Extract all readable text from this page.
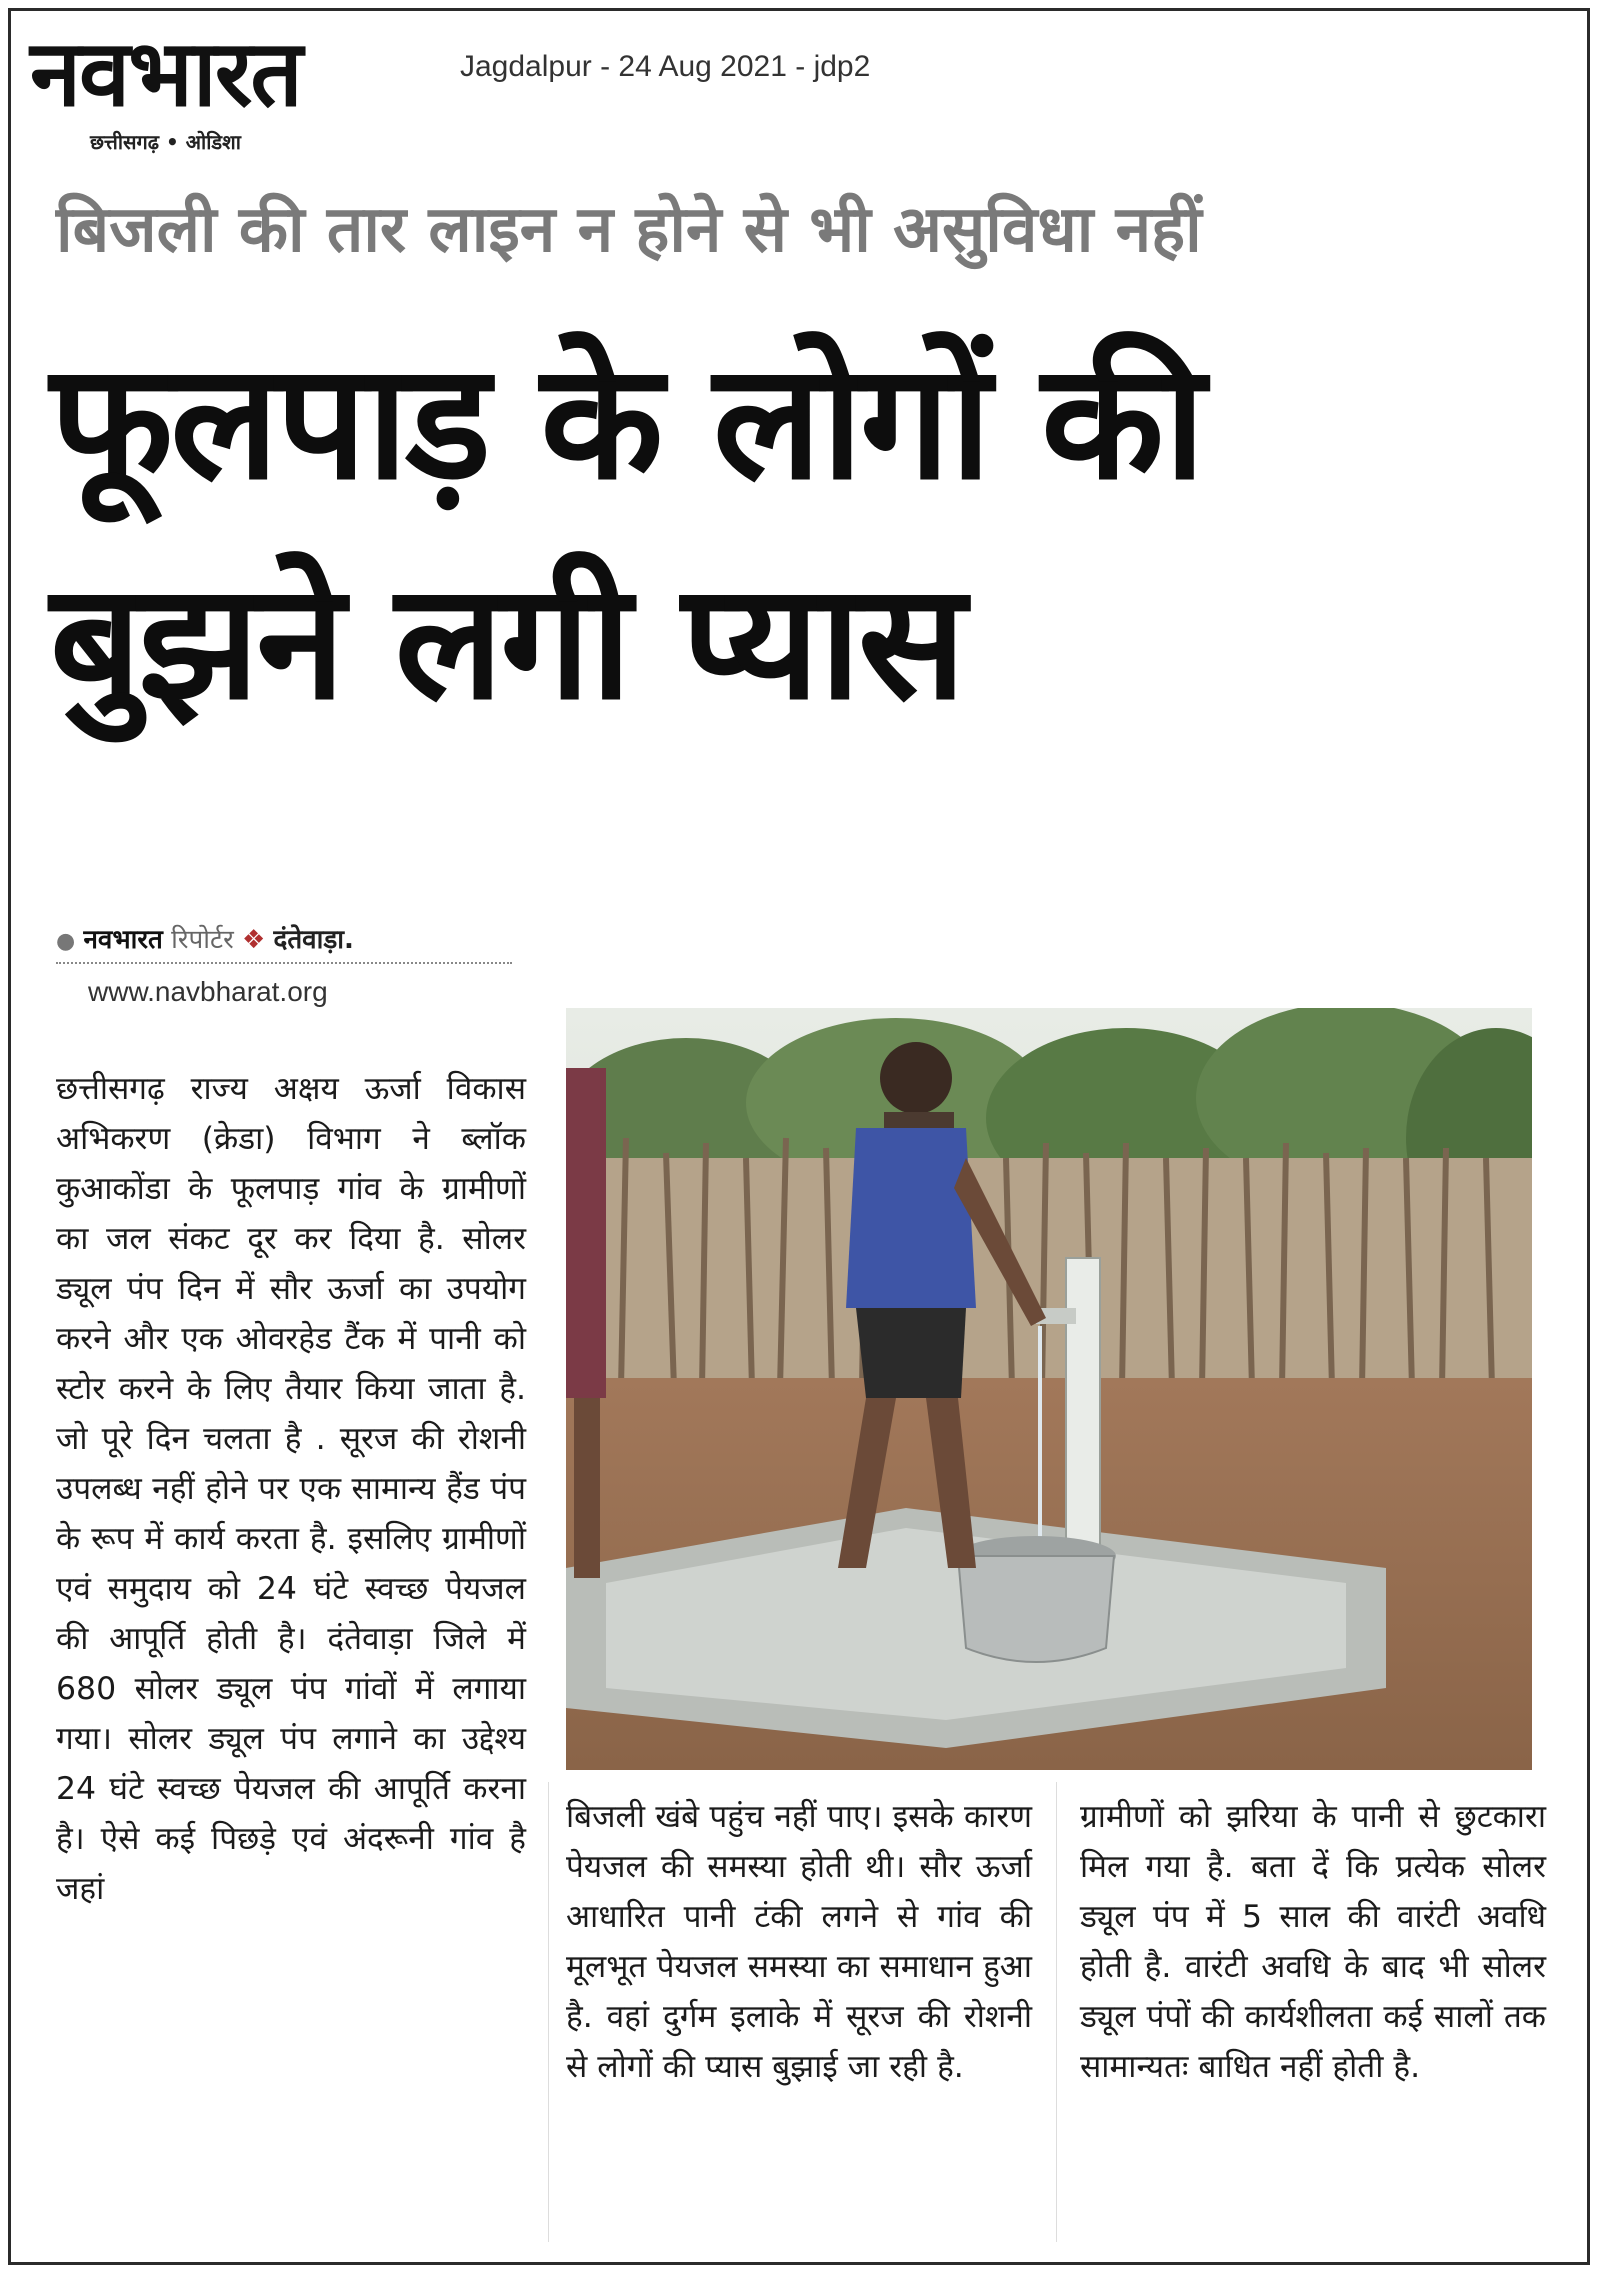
नवभारत
छत्तीसगढ़ • ओडिशा
Jagdalpur - 24 Aug 2021 - jdp2
बिजली की तार लाइन न होने से भी असुविधा नहीं
फूलपाड़ के लोगों की
बुझने लगी प्यास
● नवभारत रिपोर्टर ❖ दंतेवाड़ा.
www.navbharat.org

छत्तीसगढ़ राज्य अक्षय ऊर्जा विकास अभिकरण (क्रेडा) विभाग ने ब्लॉक कुआकोंडा के फूलपाड़ गांव के ग्रामीणों का जल संकट दूर कर दिया है. सोलर ड्यूल पंप दिन में सौर ऊर्जा का उपयोग करने और एक ओवरहेड टैंक में पानी को स्टोर करने के लिए तैयार किया जाता है. जो पूरे दिन चलता है . सूरज की रोशनी उपलब्ध नहीं होने पर एक सामान्य हैंड पंप के रूप में कार्य करता है. इसलिए ग्रामीणों एवं समुदाय को 24 घंटे स्वच्छ पेयजल की आपूर्ति होती है। दंतेवाड़ा जिले में 680 सोलर ड्यूल पंप गांवों में लगाया गया। सोलर ड्यूल पंप लगाने का उद्देश्य 24 घंटे स्वच्छ पेयजल की आपूर्ति करना है। ऐसे कई पिछड़े एवं अंदरूनी गांव है जहां

बिजली खंबे पहुंच नहीं पाए। इसके कारण पेयजल की समस्या होती थी। सौर ऊर्जा आधारित पानी टंकी लगने से गांव की मूलभूत पेयजल समस्या का समाधान हुआ है. वहां दुर्गम इलाके में सूरज की रोशनी से लोगों की प्यास बुझाई जा रही है.

ग्रामीणों को झरिया के पानी से छुटकारा मिल गया है. बता दें कि प्रत्येक सोलर ड्यूल पंप में 5 साल की वारंटी अवधि होती है. वारंटी अवधि के बाद भी सोलर ड्यूल पंपों की कार्यशीलता कई सालों तक सामान्यतः बाधित नहीं होती है.
